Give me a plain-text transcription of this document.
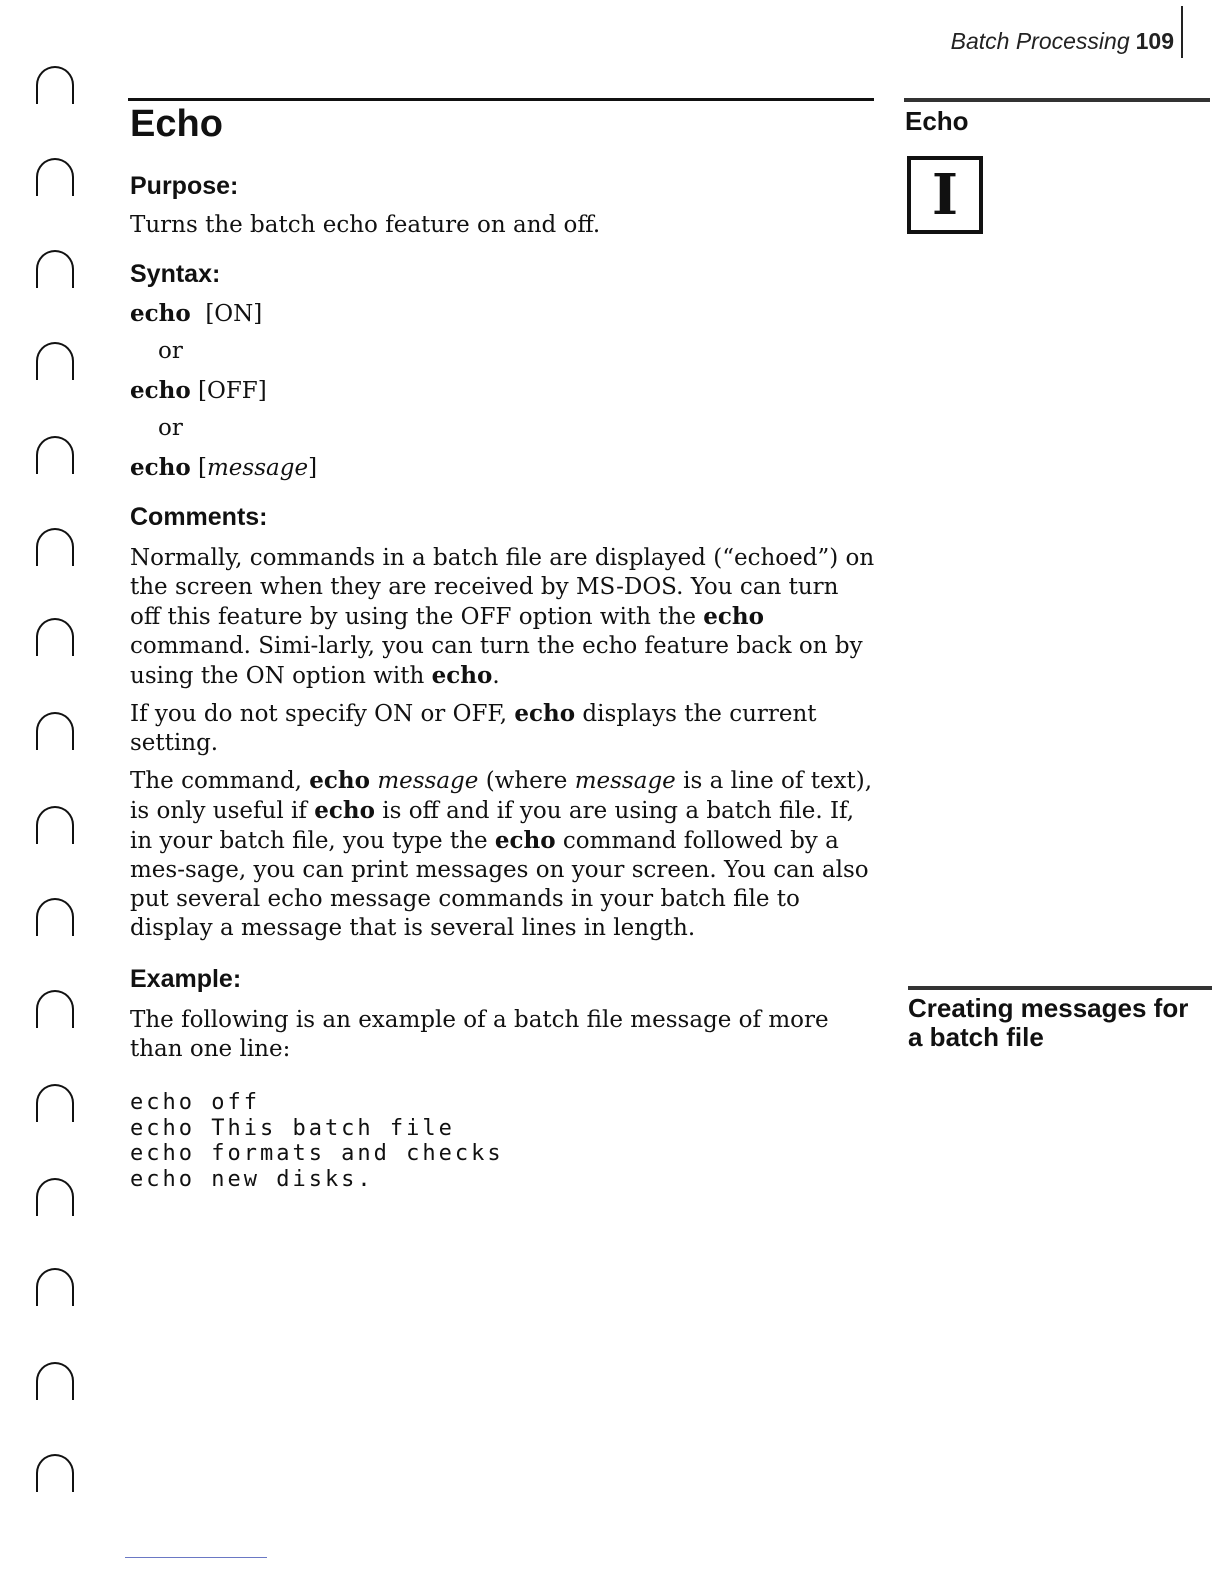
Batch Processing 109
Echo
Purpose:

Turns the batch echo feature on and off.

Syntax:

echo [ON]

or

echo [OFF]

or

echo [message]

Comments:

Normally, commands in a batch file are displayed (“echoed”) on the screen when they are received by MS-DOS. You can turn off this feature by using the OFF option with the echo command. Simi-larly, you can turn the echo feature back on by using the ON option with echo.

If you do not specify ON or OFF, echo displays the current setting.

The command, echo message (where message is a line of text), is only useful if echo is off and if you are using a batch file. If, in your batch file, you type the echo command followed by a mes-sage, you can print messages on your screen. You can also put several echo message commands in your batch file to display a message that is several lines in length.

Example:

The following is an example of a batch file message of more than one line:

echo off
echo This batch file
echo formats and checks
echo new disks.
Echo
I
Creating messages for a batch file
